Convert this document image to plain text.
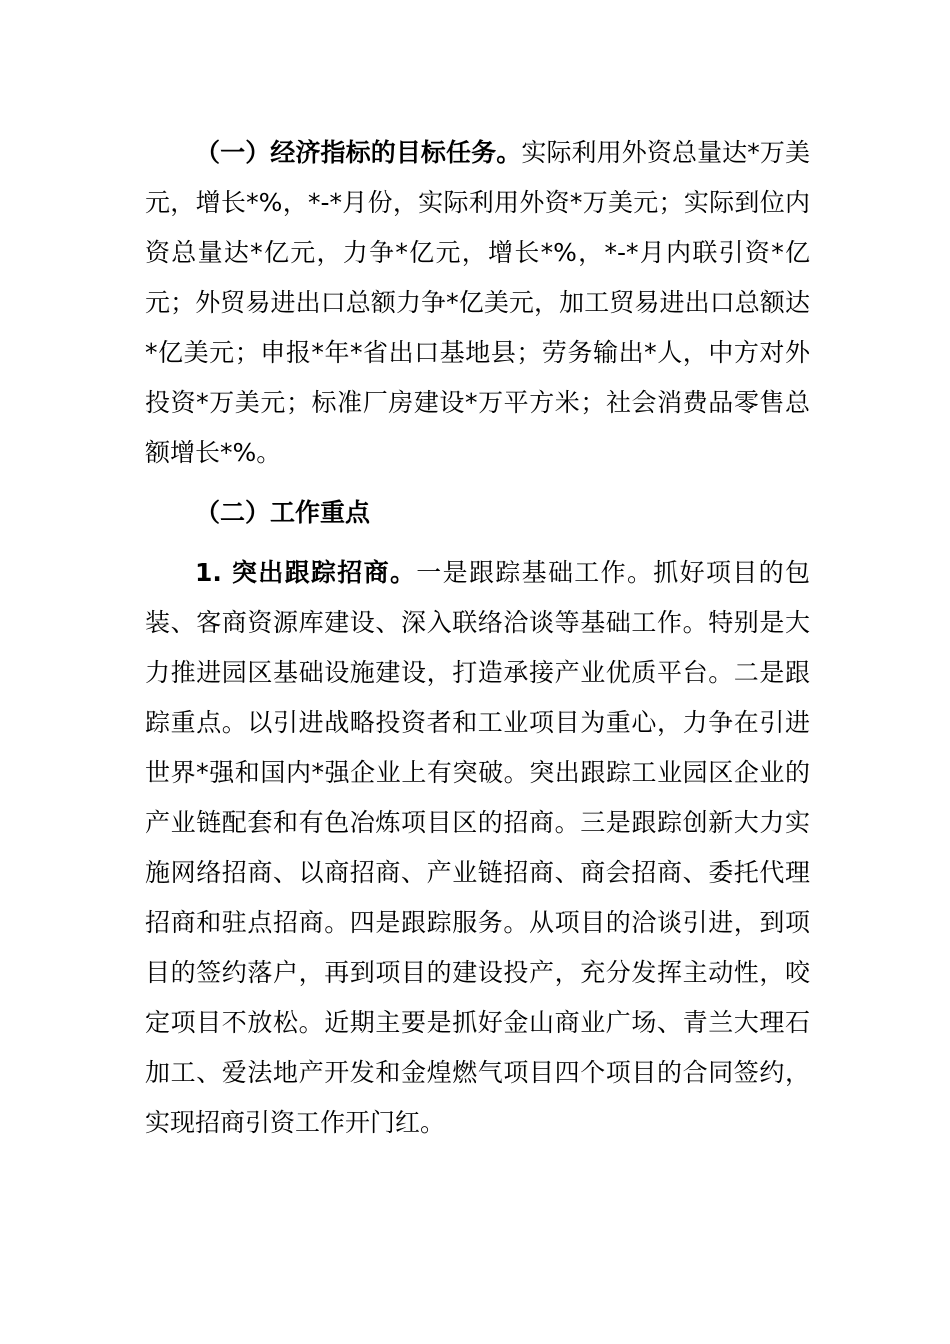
（一）经济指标的目标任务。实际利用外资总量达*万美元，增长*%，*-*月份，实际利用外资*万美元；实际到位内资总量达*亿元，力争*亿元，增长*%，*-*月内联引资*亿元；外贸易进出口总额力争*亿美元，加工贸易进出口总额达*亿美元；申报*年*省出口基地县；劳务输出*人，中方对外投资*万美元；标准厂房建设*万平方米；社会消费品零售总额增长*%。

（二）工作重点

1. 突出跟踪招商。一是跟踪基础工作。抓好项目的包装、客商资源库建设、深入联络洽谈等基础工作。特别是大力推进园区基础设施建设，打造承接产业优质平台。二是跟踪重点。以引进战略投资者和工业项目为重心，力争在引进世界*强和国内*强企业上有突破。突出跟踪工业园区企业的产业链配套和有色冶炼项目区的招商。三是跟踪创新大力实施网络招商、以商招商、产业链招商、商会招商、委托代理招商和驻点招商。四是跟踪服务。从项目的洽谈引进，到项目的签约落户，再到项目的建设投产，充分发挥主动性，咬定项目不放松。近期主要是抓好金山商业广场、青兰大理石加工、爱法地产开发和金煌燃气项目四个项目的合同签约，实现招商引资工作开门红。
